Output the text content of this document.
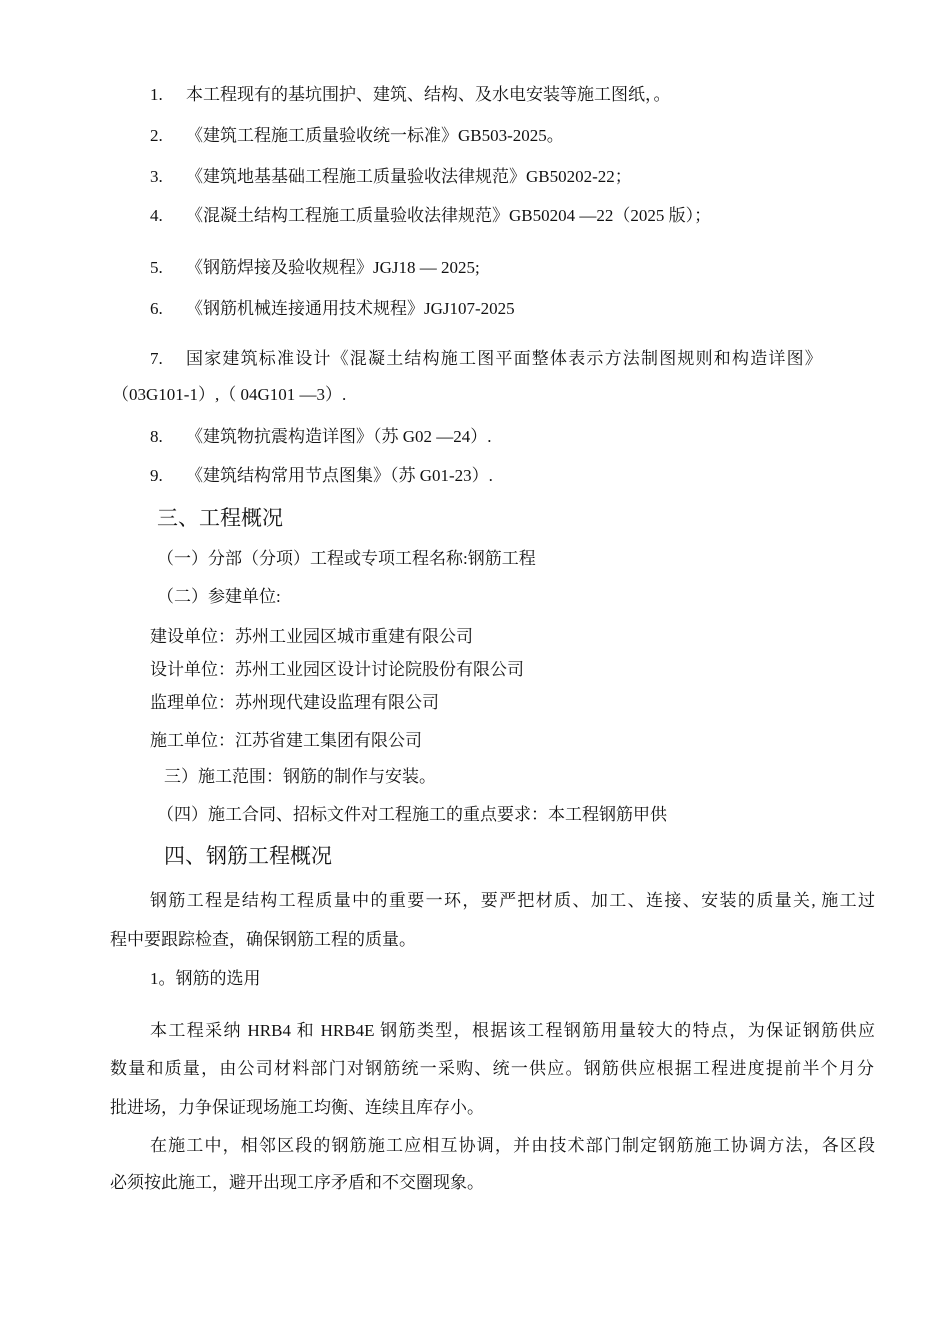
1. 本工程现有的基坑围护、建筑、结构、及水电安装等施工图纸，。
2. 《建筑工程施工质量验收统一标准》GB503-2025。
3. 《建筑地基基础工程施工质量验收法律规范》GB50202-22；
4. 《混凝土结构工程施工质量验收法律规范》GB50204 —22（2025 版）；
5. 《钢筋焊接及验收规程》JGJ18 — 2025;
6. 《钢筋机械连接通用技术规程》JGJ107-2025
7. 国家建筑标准设计《混凝土结构施工图平面整体表示方法制图规则和构造详图》
（03G101-1）,（ 04G101 —3）.
8. 《建筑物抗震构造详图》（苏 G02 —24）.
9. 《建筑结构常用节点图集》（苏 G01-23）.
三、工程概况
（一）分部（分项）工程或专项工程名称:钢筋工程
（二）参建单位:
建设单位：苏州工业园区城市重建有限公司
设计单位：苏州工业园区设计讨论院股份有限公司
监理单位：苏州现代建设监理有限公司
施工单位：江苏省建工集团有限公司
三）施工范围：钢筋的制作与安装。
（四）施工合同、招标文件对工程施工的重点要求：本工程钢筋甲供
四、钢筋工程概况
钢筋工程是结构工程质量中的重要一环，要严把材质、加工、连接、安装的质量关, 施工过
程中要跟踪检查，确保钢筋工程的质量。
1。钢筋的选用
本工程采纳 HRB4 和 HRB4E 钢筋类型，根据该工程钢筋用量较大的特点，为保证钢筋供应
数量和质量，由公司材料部门对钢筋统一采购、统一供应。钢筋供应根据工程进度提前半个月分
批进场，力争保证现场施工均衡、连续且库存小。
在施工中，相邻区段的钢筋施工应相互协调，并由技术部门制定钢筋施工协调方法，各区段
必须按此施工，避开出现工序矛盾和不交圈现象。
